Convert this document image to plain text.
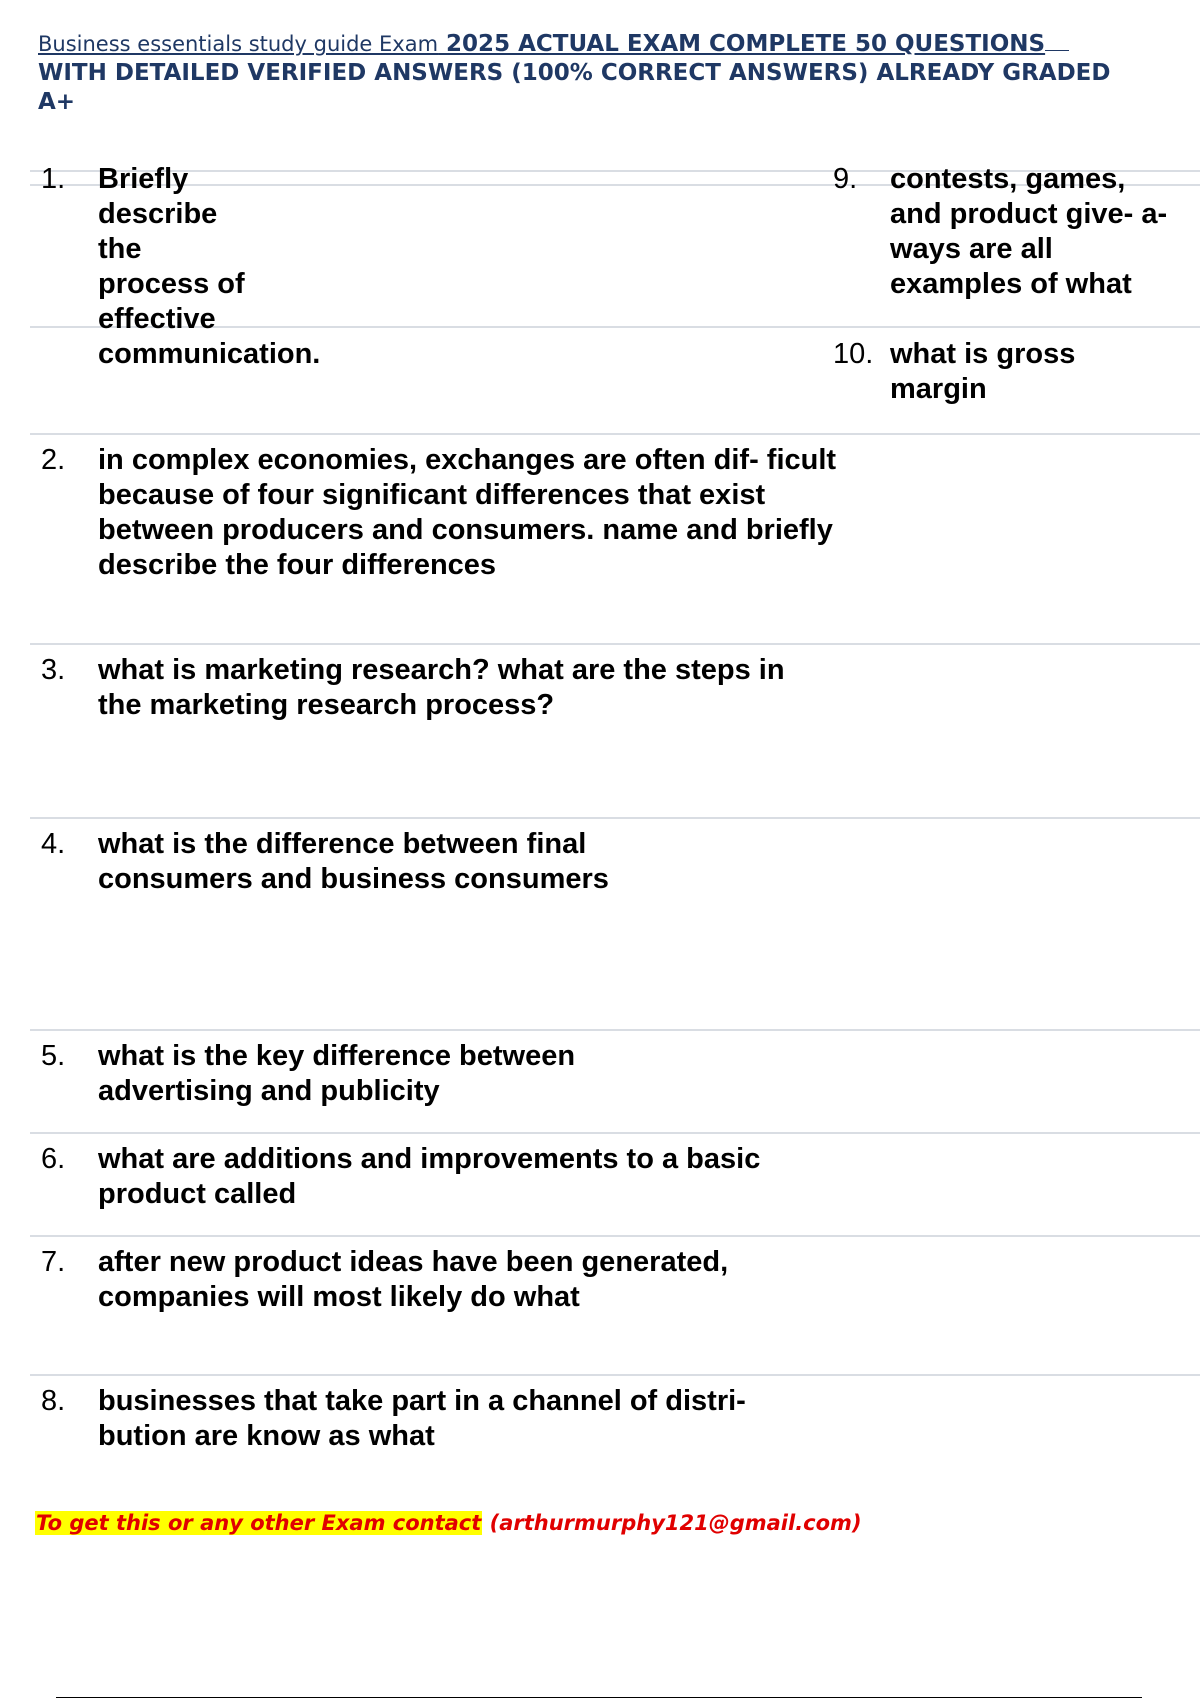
Business essentials study guide Exam 2025 ACTUAL EXAM COMPLETE 50 QUESTIONS
WITH DETAILED VERIFIED ANSWERS (100% CORRECT ANSWERS) ALREADY GRADED
A+
1. Briefly describe the process of effective communication.
9. contests, games, and product give- a-ways are all examples of what
10. what is gross margin
2. in complex economies, exchanges are often dif- ficult because of four significant differences that exist between producers and consumers. name and briefly describe the four differences
3. what is marketing research? what are the steps in the marketing research process?
4. what is the difference between final consumers and business consumers
5. what is the key difference between advertising and publicity
6. what are additions and improvements to a basic product called
7. after new product ideas have been generated, companies will most likely do what
8. businesses that take part in a channel of distri- bution are know as what
To get this or any other Exam contact (arthurmurphy121@gmail.com)
